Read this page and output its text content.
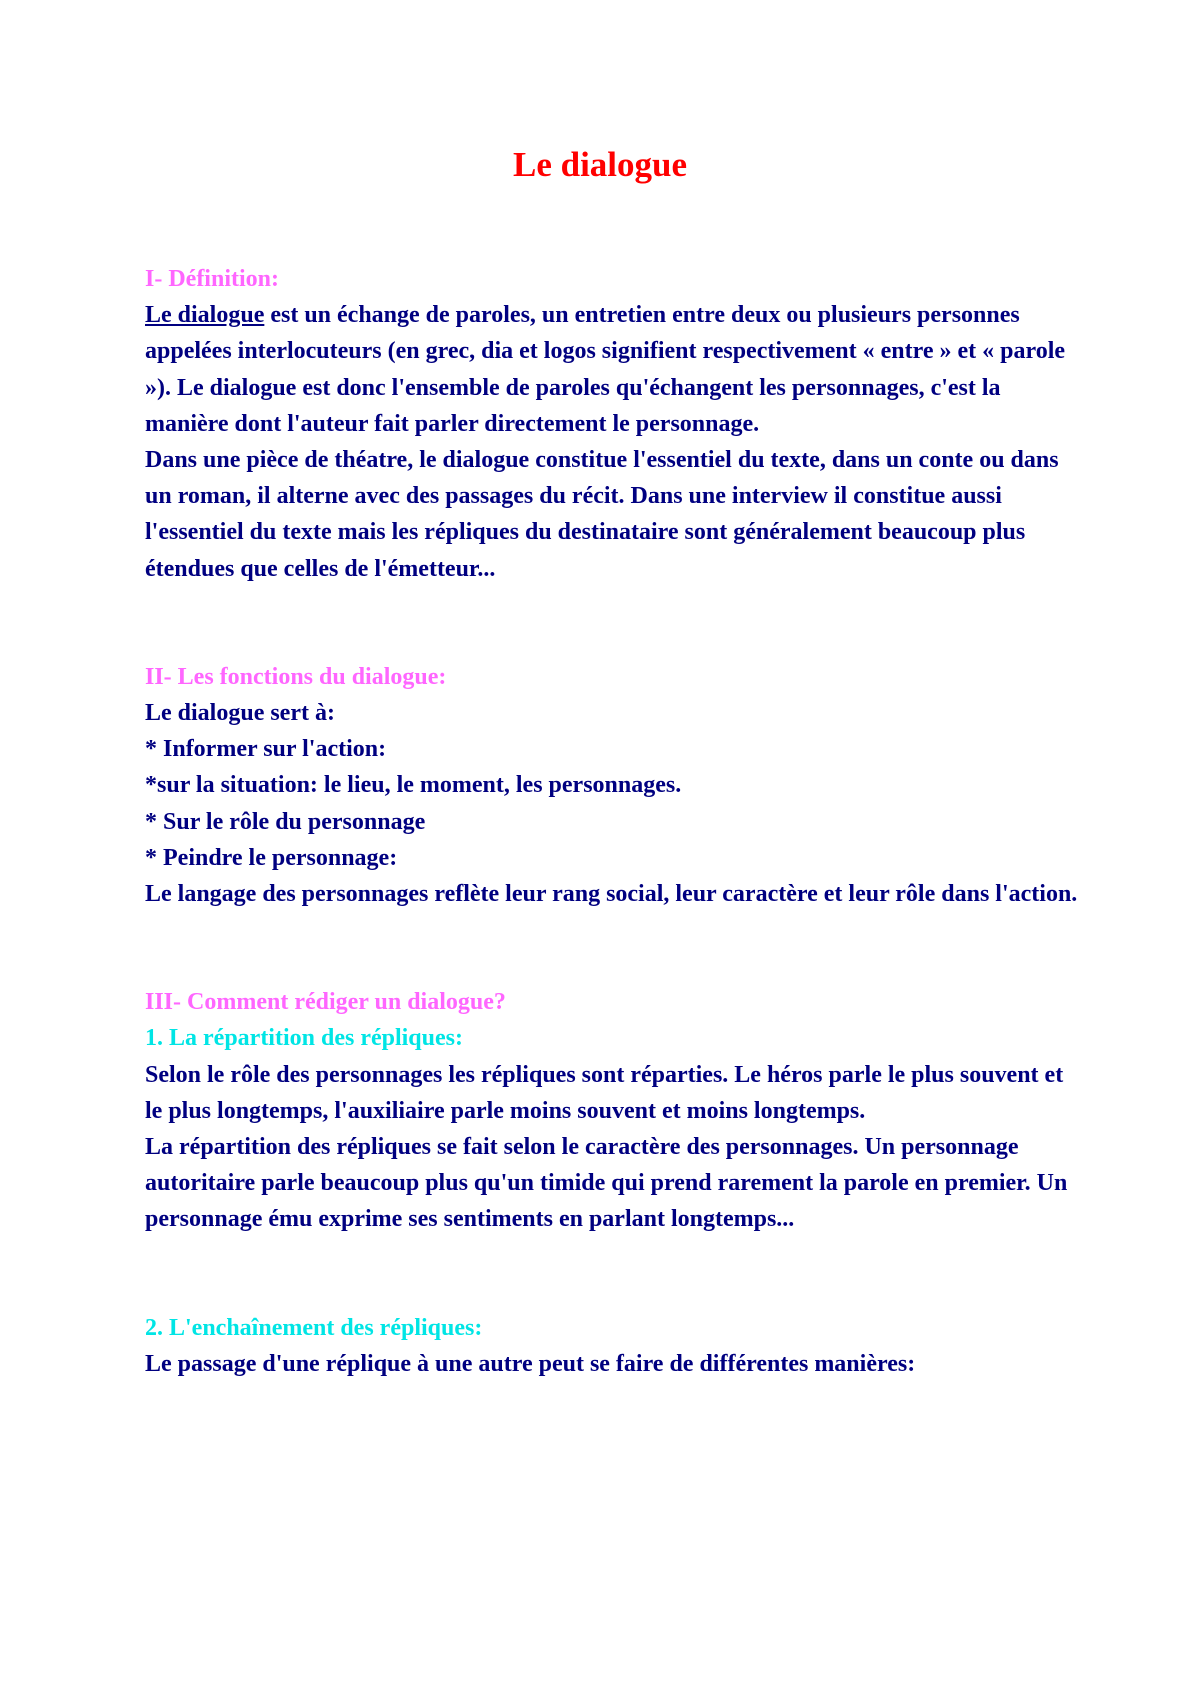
Le dialogue

I- Définition:

Le dialogue est un échange de paroles, un entretien entre deux ou plusieurs personnes appelées interlocuteurs (en grec, dia et logos signifient respectivement « entre » et « parole »). Le dialogue est donc l'ensemble de paroles qu'échangent les personnages, c'est la manière dont l'auteur fait parler directement le personnage.

Dans une pièce de théatre, le dialogue constitue l'essentiel du texte, dans un conte ou dans un roman, il alterne avec des passages du récit. Dans une interview il constitue aussi l'essentiel du texte mais les répliques du destinataire sont généralement beaucoup plus étendues que celles de l'émetteur...

II- Les fonctions du dialogue:

Le dialogue sert à:

* Informer sur l'action:

*sur la situation: le lieu, le moment, les personnages.

* Sur le rôle du personnage

* Peindre le personnage:

Le langage des personnages reflète leur rang social, leur caractère et leur rôle dans l'action.

III- Comment rédiger un dialogue?

1. La répartition des répliques:

Selon le rôle des personnages les répliques sont réparties. Le héros parle le plus souvent et le plus longtemps, l'auxiliaire parle moins souvent et moins longtemps.

La répartition des répliques se fait selon le caractère des personnages. Un personnage autoritaire parle beaucoup plus qu'un timide qui prend rarement la parole en premier. Un personnage ému exprime ses sentiments en parlant longtemps...

2. L'enchaînement des répliques:

Le passage d'une réplique à une autre peut se faire de différentes manières:
